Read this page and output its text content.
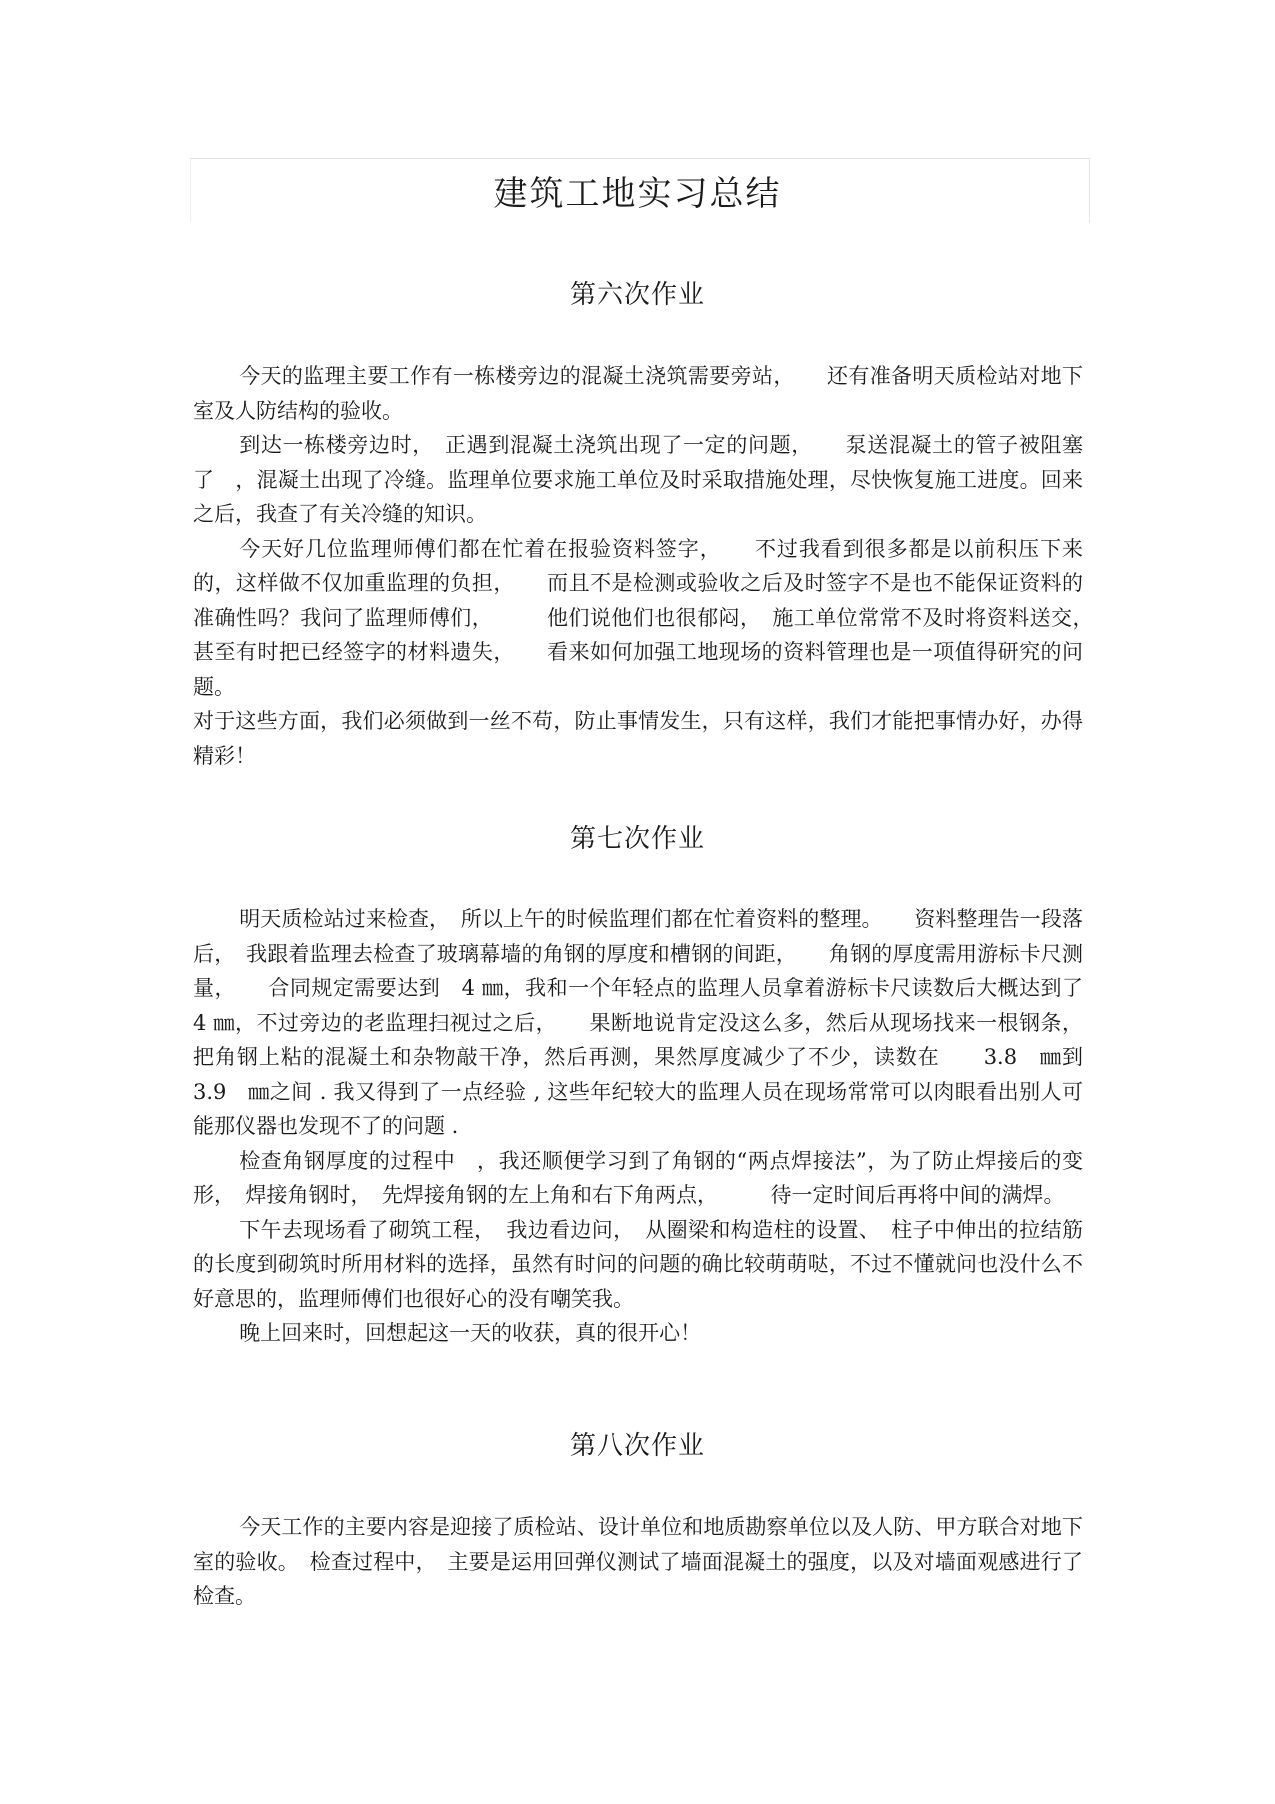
建筑工地实习总结
第六次作业

今天的监理主要工作有一栋楼旁边的混凝土浇筑需要旁站，　　还有准备明天质检站对地下室及人防结构的验收。

到达一栋楼旁边时，　正遇到混凝土浇筑出现了一定的问题，　　泵送混凝土的管子被阻塞了　，混凝土出现了冷缝。监理单位要求施工单位及时采取措施处理，尽快恢复施工进度。回来之后，我查了有关冷缝的知识。

今天好几位监理师傅们都在忙着在报验资料签字，　　不过我看到很多都是以前积压下来的，这样做不仅加重监理的负担，　　而且不是检测或验收之后及时签字不是也不能保证资料的准确性吗？我问了监理师傅们，　　　他们说他们也很郁闷，　施工单位常常不及时将资料送交，　　甚至有时把已经签字的材料遗失，　　看来如何加强工地现场的资料管理也是一项值得研究的问题。

对于这些方面，我们必须做到一丝不苟，防止事情发生，只有这样，我们才能把事情办好，办得精彩！

第七次作业

明天质检站过来检查，　所以上午的时候监理们都在忙着资料的整理。　　资料整理告一段落后，　我跟着监理去检查了玻璃幕墙的角钢的厚度和槽钢的间距，　　角钢的厚度需用游标卡尺测量，　　合同规定需要达到　4 ㎜，我和一个年轻点的监理人员拿着游标卡尺读数后大概达到了　　4 ㎜，不过旁边的老监理扫视过之后，　　果断地说肯定没这么多，然后从现场找来一根钢条，把角钢上粘的混凝土和杂物敲干净，然后再测，果然厚度减少了不少，读数在　　3.8　㎜到 3.9　㎜之间 . 我又得到了一点经验 , 这些年纪较大的监理人员在现场常常可以肉眼看出别人可能那仪器也发现不了的问题 .

检查角钢厚度的过程中　，我还顺便学习到了角钢的“两点焊接法”，为了防止焊接后的变形，　焊接角钢时，　先焊接角钢的左上角和右下角两点，　　　待一定时间后再将中间的满焊。

下午去现场看了砌筑工程，　我边看边问，　从圈梁和构造柱的设置、　柱子中伸出的拉结筋的长度到砌筑时所用材料的选择，虽然有时问的问题的确比较萌萌哒，不过不懂就问也没什么不好意思的，监理师傅们也很好心的没有嘲笑我。

晚上回来时，回想起这一天的收获，真的很开心！

第八次作业

今天工作的主要内容是迎接了质检站、设计单位和地质勘察单位以及人防、甲方联合对地下室的验收。　检查过程中，　主要是运用回弹仪测试了墙面混凝土的强度，以及对墙面观感进行了检查。
